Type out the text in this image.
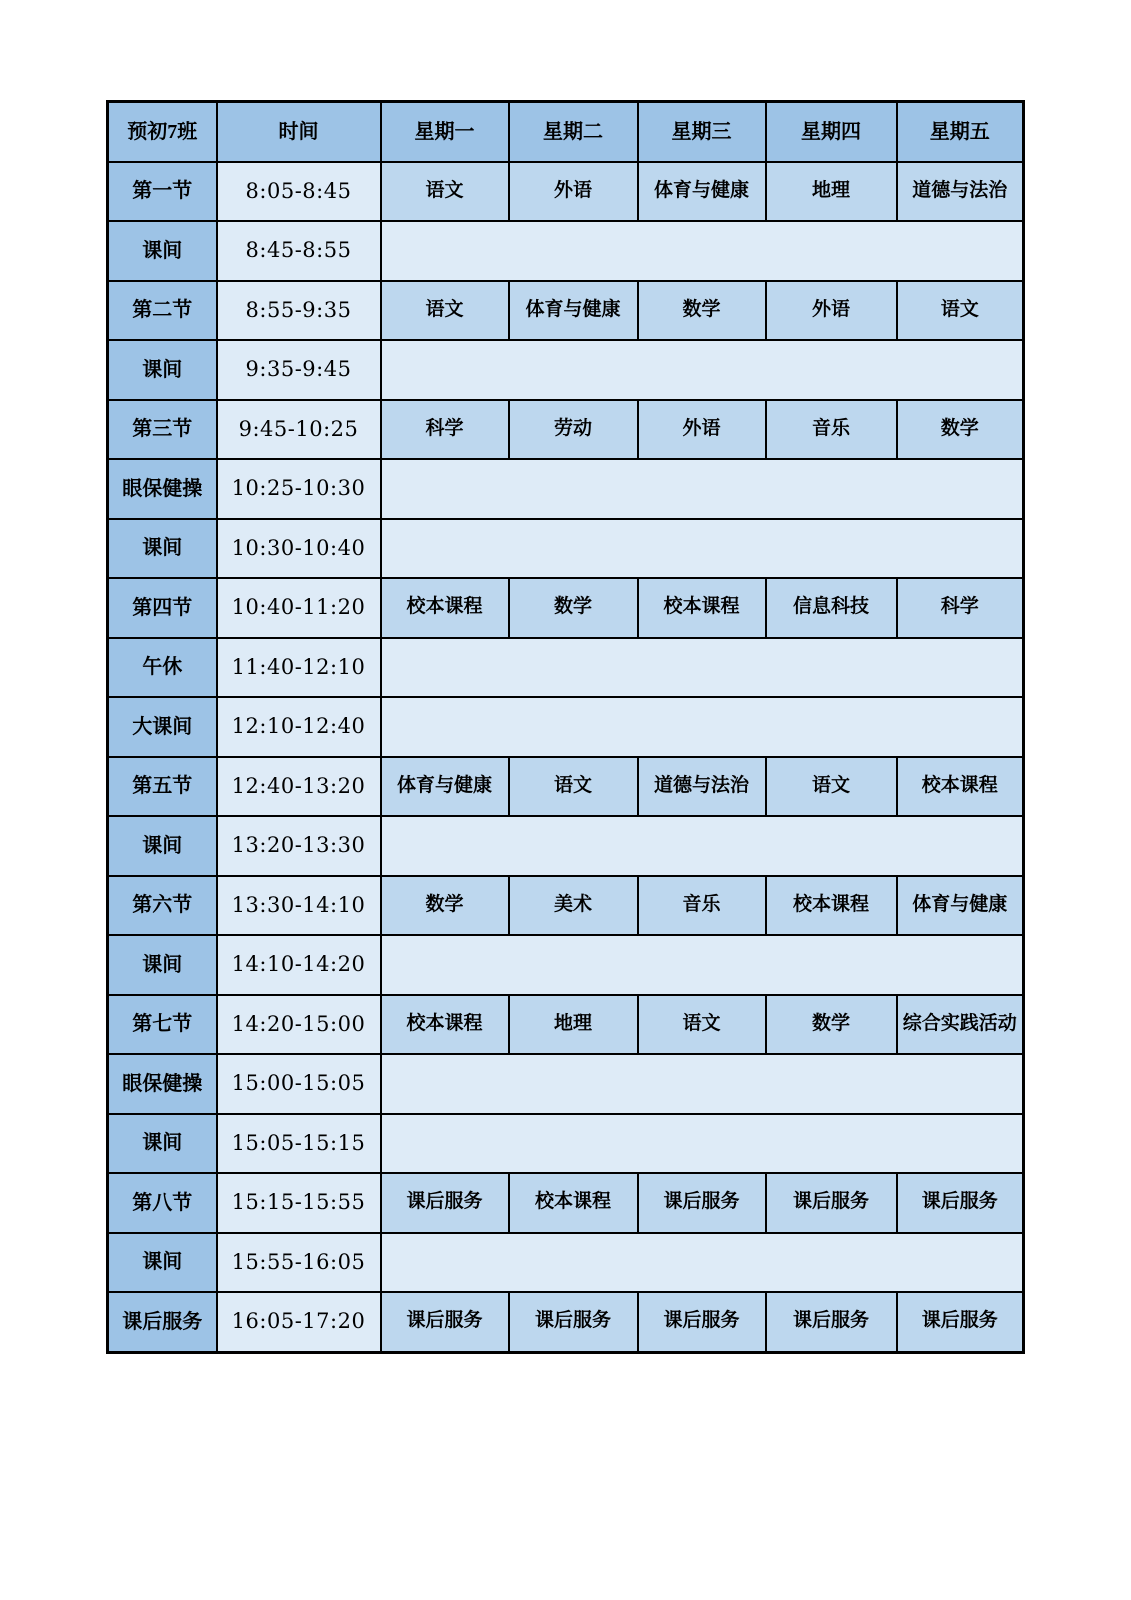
预初7班	时间	星期一	星期二	星期三	星期四	星期五
第一节	8:05-8:45	语文	外语	体育与健康	地理	道德与法治
课间	8:45-8:55					
第二节	8:55-9:35	语文	体育与健康	数学	外语	语文
课间	9:35-9:45					
第三节	9:45-10:25	科学	劳动	外语	音乐	数学
眼保健操	10:25-10:30					
课间	10:30-10:40					
第四节	10:40-11:20	校本课程	数学	校本课程	信息科技	科学
午休	11:40-12:10					
大课间	12:10-12:40					
第五节	12:40-13:20	体育与健康	语文	道德与法治	语文	校本课程
课间	13:20-13:30					
第六节	13:30-14:10	数学	美术	音乐	校本课程	体育与健康
课间	14:10-14:20					
第七节	14:20-15:00	校本课程	地理	语文	数学	综合实践活动
眼保健操	15:00-15:05					
课间	15:05-15:15					
第八节	15:15-15:55	课后服务	校本课程	课后服务	课后服务	课后服务
课间	15:55-16:05					
课后服务	16:05-17:20	课后服务	课后服务	课后服务	课后服务	课后服务
